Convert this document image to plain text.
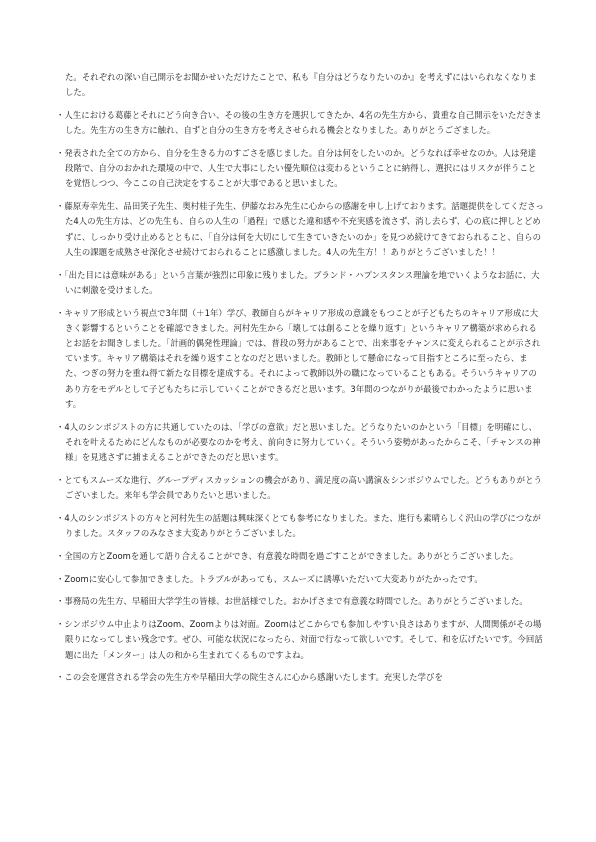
た。それぞれの深い自己開示をお聞かせいただけたことで、私も『自分はどうなりたいのか』を考えずにはいられなくなりました。

・人生における葛藤とそれにどう向き合い、その後の生き方を選択してきたか、4名の先生方から、貴重な自己開示をいただきました。先生方の生き方に触れ、自ずと自分の生き方を考えさせられる機会となりました。ありがとうござました。

・発表された全ての方から、自分を生きる力のすごさを感じました。自分は何をしたいのか。どうなれば幸せなのか。人は発達段階で、自分のおかれた環境の中で、人生で大事にしたい優先順位は変わるということに納得し、選択にはリスクが伴うことを覚悟しつつ、今ここの自己決定をすることが大事であると思いました。

・藤原寿幸先生、品田笑子先生、奥村桂子先生、伊藤なおみ先生に心からの感謝を申し上げております。話題提供をしてくださった4人の先生方は、どの先生も、自らの人生の「過程」で感じた違和感や不充実感を流さず、消し去らず、心の底に押しとどめずに、しっかり受け止めるとともに、「自分は何を大切にして生きていきたいのか」を見つめ続けてきておられること、自らの人生の課題を成熟させ深化させ続けておられることに感激しました。4人の先生方！！ありがとうございました！！

・「出た目には意味がある」という言葉が強烈に印象に残りました。ブランド・ハプンスタンス理論を地でいくようなお話に、大いに刺激を受けました。

・キャリア形成という視点で3年間（＋1年）学び、教師自らがキャリア形成の意識をもつことが子どもたちのキャリア形成に大きく影響するということを確認できました。河村先生から「壊しては創ることを繰り返す」というキャリア構築が求められるとお話をお聞きしました。「計画的偶発性理論」では、普段の努力があることで、出来事をチャンスに変えられることが示されています。キャリア構築はそれを繰り返すことなのだと思いました。教師として懸命になって目指すところに至ったら、また、つぎの努力を重ね得て新たな目標を達成する。それによって教師以外の職になっていることもある。そういうキャリアのあり方をモデルとして子どもたちに示していくことができるだと思います。3年間のつながりが最後でわかったように思います。

・4人のシンポジストの方に共通していたのは、「学びの意欲」だと思いました。どうなりたいのかという「目標」を明確にし、それを叶えるためにどんなものが必要なのかを考え、前向きに努力していく。そういう姿勢があったからこそ、「チャンスの神様」を見逃さずに捕まえることができたのだと思います。

・とてもスムーズな進行、グループディスカッションの機会があり、満足度の高い講演＆シンポジウムでした。どうもありがとうございました。来年も学会員でありたいと思いました。

・4人のシンポジストの方々と河村先生の話題は興味深くとても参考になりました。また、進行も素晴らしく沢山の学びにつながりました。スタッフのみなさま大変ありがとうございました。

・全国の方とZoomを通して語り合えることができ、有意義な時間を過ごすことができました。ありがとうございました。

・Zoomに安心して参加できました。トラブルがあっても、スムーズに誘導いただいて大変ありがたかったです。

・事務局の先生方、早稲田大学学生の皆様、お世話様でした。おかげさまで有意義な時間でした。ありがとうございました。

・シンポジウム中止よりはZoom、Zoomよりは対面。Zoomはどこからでも参加しやすい良さはありますが、人間関係がその場限りになってしまい残念です。ぜひ、可能な状況になったら、対面で行なって欲しいです。そして、和を広げたいです。今回話題に出た「メンター」は人の和から生まれてくるものですよね。

・この会を運営される学会の先生方や早稲田大学の院生さんに心から感謝いたします。充実した学びを
